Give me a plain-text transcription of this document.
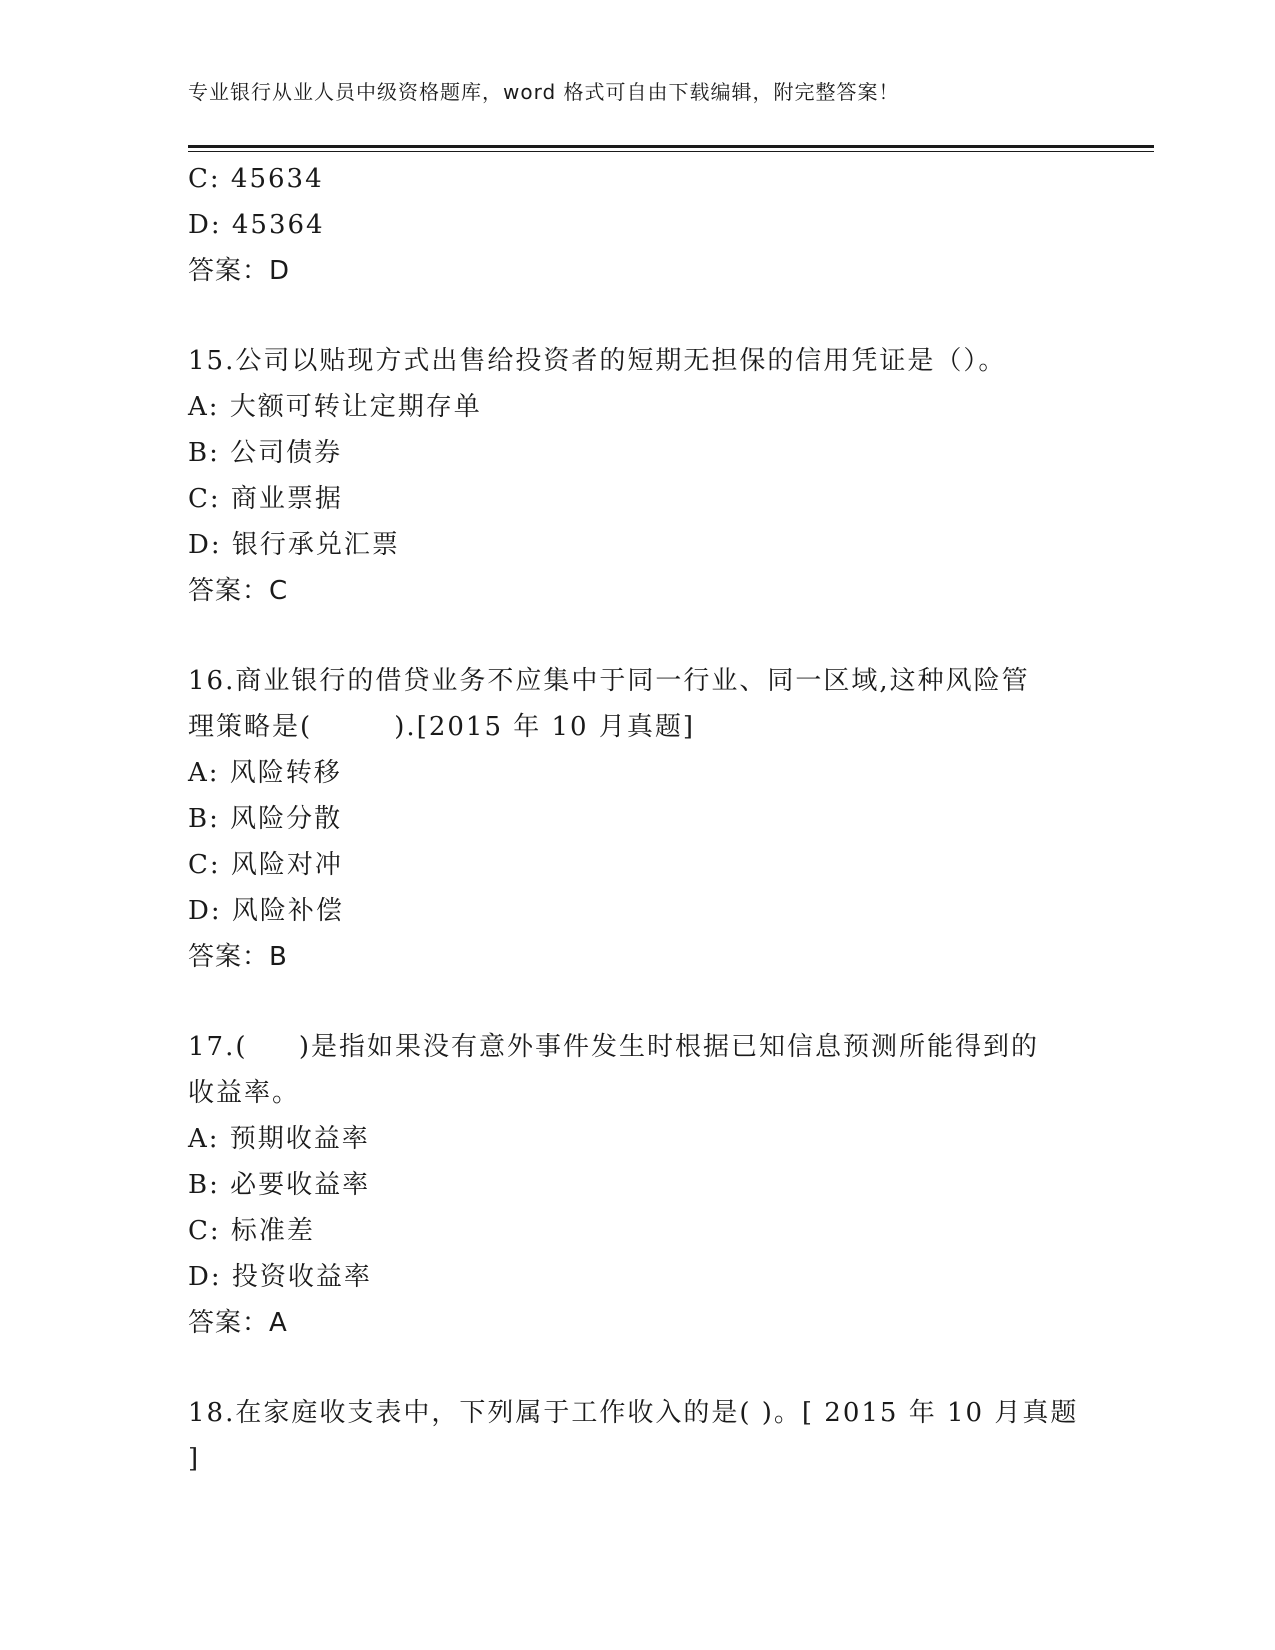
专业银行从业人员中级资格题库，word 格式可自由下载编辑，附完整答案！
C: 45634
D: 45364
答案：D
15.公司以贴现方式出售给投资者的短期无担保的信用凭证是（）。
A: 大额可转让定期存单
B: 公司债券
C: 商业票据
D: 银行承兑汇票
答案：C
16.商业银行的借贷业务不应集中于同一行业、同一区域,这种风险管
理策略是(        ).[2015 年 10 月真题]
A: 风险转移
B: 风险分散
C: 风险对冲
D: 风险补偿
答案：B
17.(     )是指如果没有意外事件发生时根据已知信息预测所能得到的
收益率。
A: 预期收益率
B: 必要收益率
C: 标准差
D: 投资收益率
答案：A
18.在家庭收支表中，下列属于工作收入的是( )。[ 2015 年 10 月真题
]
